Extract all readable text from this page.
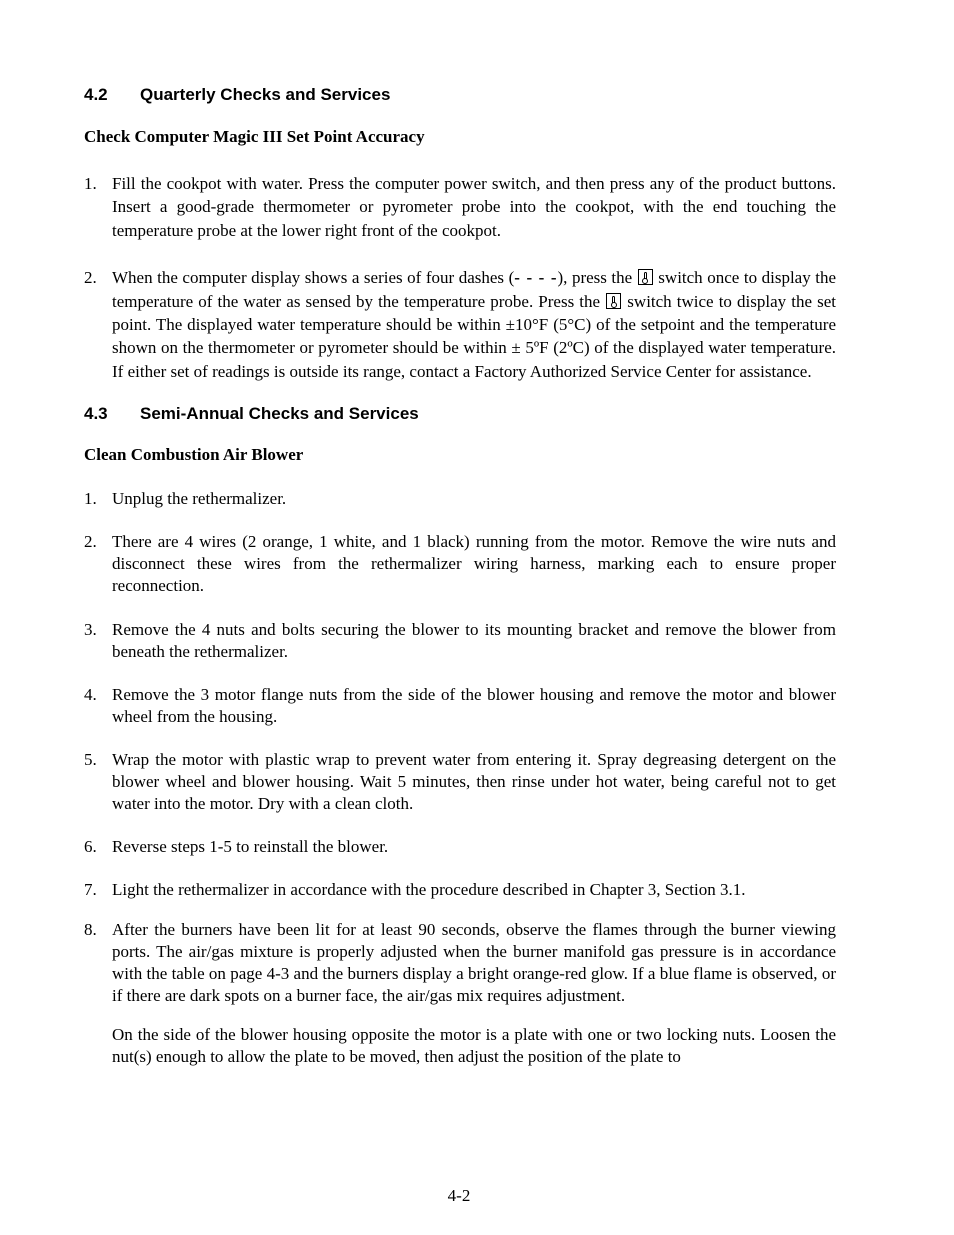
4.2	Quarterly Checks and Services
Check Computer Magic III Set Point Accuracy
1. Fill the cookpot with water. Press the computer power switch, and then press any of the product buttons. Insert a good-grade thermometer or pyrometer probe into the cookpot, with the end touching the temperature probe at the lower right front of the cookpot.
2. When the computer display shows a series of four dashes (- - - -), press the switch once to display the temperature of the water as sensed by the temperature probe. Press the switch twice to display the set point. The displayed water temperature should be within ±10°F (5°C) of the setpoint and the temperature shown on the thermometer or pyrometer should be within ± 5ºF (2ºC) of the displayed water temperature. If either set of readings is outside its range, contact a Factory Authorized Service Center for assistance.
4.3	Semi-Annual Checks and Services
Clean Combustion Air Blower
1. Unplug the rethermalizer.
2. There are 4 wires (2 orange, 1 white, and 1 black) running from the motor. Remove the wire nuts and disconnect these wires from the rethermalizer wiring harness, marking each to ensure proper reconnection.
3. Remove the 4 nuts and bolts securing the blower to its mounting bracket and remove the blower from beneath the rethermalizer.
4. Remove the 3 motor flange nuts from the side of the blower housing and remove the motor and blower wheel from the housing.
5. Wrap the motor with plastic wrap to prevent water from entering it. Spray degreasing detergent on the blower wheel and blower housing. Wait 5 minutes, then rinse under hot water, being careful not to get water into the motor. Dry with a clean cloth.
6. Reverse steps 1-5 to reinstall the blower.
7. Light the rethermalizer in accordance with the procedure described in Chapter 3, Section 3.1.
8. After the burners have been lit for at least 90 seconds, observe the flames through the burner viewing ports. The air/gas mixture is properly adjusted when the burner manifold gas pressure is in accordance with the table on page 4-3 and the burners display a bright orange-red glow. If a blue flame is observed, or if there are dark spots on a burner face, the air/gas mix requires adjustment.

On the side of the blower housing opposite the motor is a plate with one or two locking nuts. Loosen the nut(s) enough to allow the plate to be moved, then adjust the position of the plate to

4-2
